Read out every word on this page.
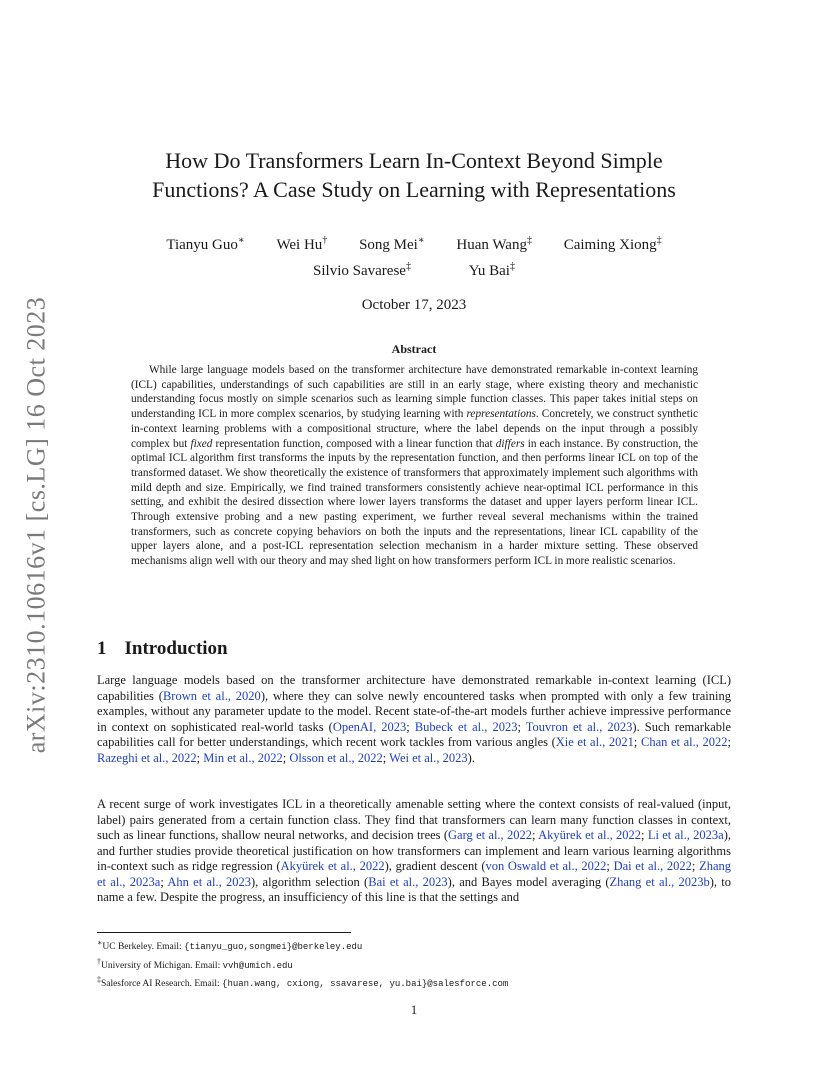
arXiv:2310.10616v1 [cs.LG] 16 Oct 2023
How Do Transformers Learn In-Context Beyond Simple
Functions? A Case Study on Learning with Representations
Tianyu Guo∗ Wei Hu† Song Mei∗ Huan Wang‡ Caiming Xiong‡
Silvio Savarese‡	Yu Bai‡
October 17, 2023
Abstract
While large language models based on the transformer architecture have demonstrated remarkable in-context learning (ICL) capabilities, understandings of such capabilities are still in an early stage, where existing theory and mechanistic understanding focus mostly on simple scenarios such as learning simple function classes. This paper takes initial steps on understanding ICL in more complex scenarios, by studying learning with representations. Concretely, we construct synthetic in-context learning problems with a compositional structure, where the label depends on the input through a possibly complex but fixed representation function, composed with a linear function that differs in each instance. By construction, the optimal ICL algorithm first transforms the inputs by the representation function, and then performs linear ICL on top of the transformed dataset. We show theoretically the existence of transformers that approximately implement such algorithms with mild depth and size. Empirically, we find trained transformers consistently achieve near-optimal ICL performance in this setting, and exhibit the desired dissection where lower layers transforms the dataset and upper layers perform linear ICL. Through extensive probing and a new pasting experiment, we further reveal several mechanisms within the trained transformers, such as concrete copying behaviors on both the inputs and the representations, linear ICL capability of the upper layers alone, and a post-ICL representation selection mechanism in a harder mixture setting. These observed mechanisms align well with our theory and may shed light on how transformers perform ICL in more realistic scenarios.
1 Introduction
Large language models based on the transformer architecture have demonstrated remarkable in-context learning (ICL) capabilities (Brown et al., 2020), where they can solve newly encountered tasks when prompted with only a few training examples, without any parameter update to the model. Recent state-of-the-art models further achieve impressive performance in context on sophisticated real-world tasks (OpenAI, 2023; Bubeck et al., 2023; Touvron et al., 2023). Such remarkable capabilities call for better understandings, which recent work tackles from various angles (Xie et al., 2021; Chan et al., 2022; Razeghi et al., 2022; Min et al., 2022; Olsson et al., 2022; Wei et al., 2023).
A recent surge of work investigates ICL in a theoretically amenable setting where the context consists of real-valued (input, label) pairs generated from a certain function class. They find that transformers can learn many function classes in context, such as linear functions, shallow neural networks, and decision trees (Garg et al., 2022; Akyürek et al., 2022; Li et al., 2023a), and further studies provide theoretical justification on how transformers can implement and learn various learning algorithms in-context such as ridge regression (Akyürek et al., 2022), gradient descent (von Oswald et al., 2022; Dai et al., 2022; Zhang et al., 2023a; Ahn et al., 2023), algorithm selection (Bai et al., 2023), and Bayes model averaging (Zhang et al., 2023b), to name a few. Despite the progress, an insufficiency of this line is that the settings and
∗UC Berkeley. Email: {tianyu_guo,songmei}@berkeley.edu
†University of Michigan. Email: vvh@umich.edu
‡Salesforce AI Research. Email: {huan.wang, cxiong, ssavarese, yu.bai}@salesforce.com
1
